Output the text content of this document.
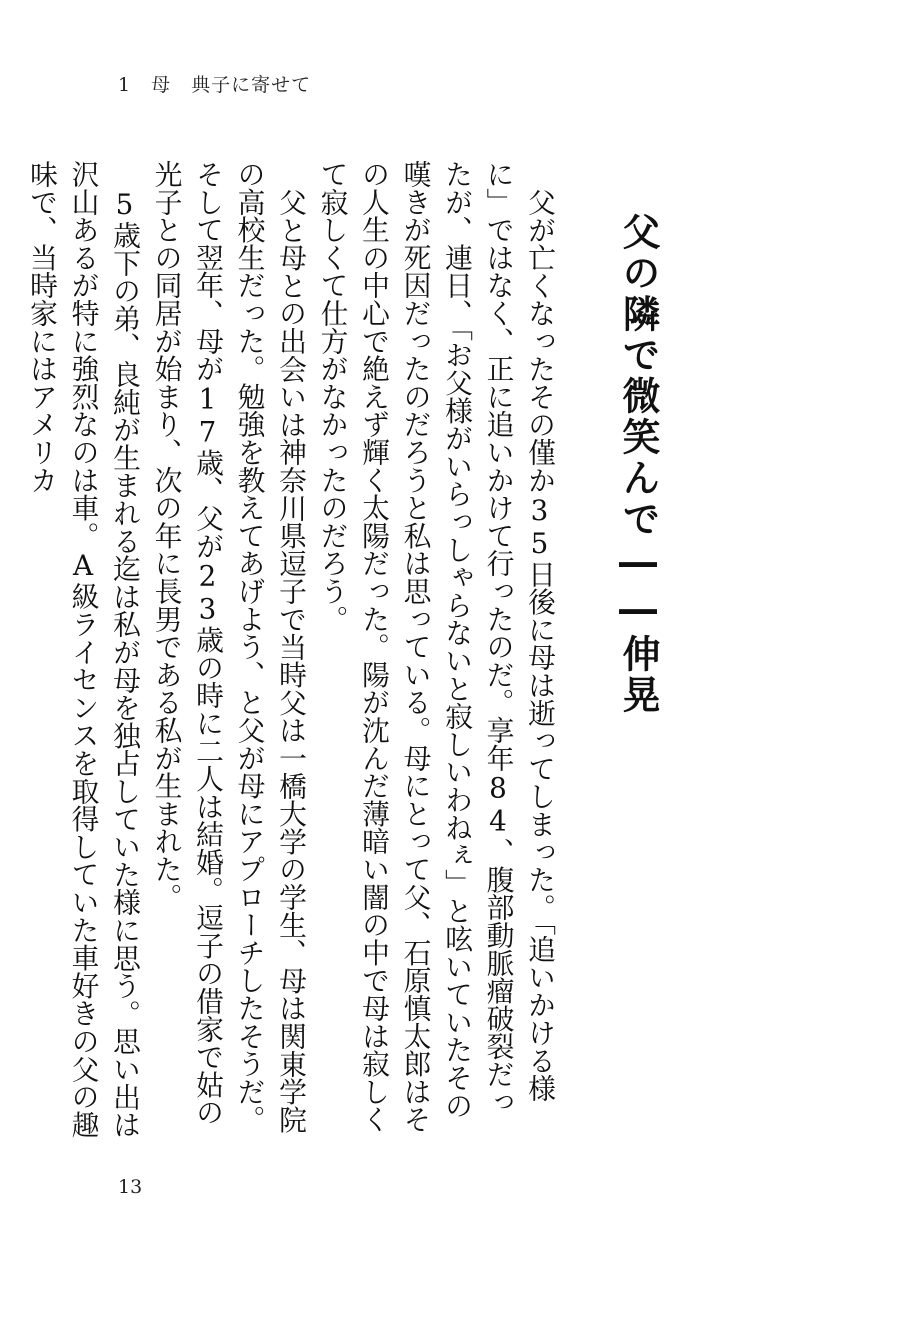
1　母　典子に寄せて
父の隣で微笑んで――伸晃

父が亡くなったその僅か35日後に母は逝ってしまった。「追いかける様に」ではなく、正に追いかけて行ったのだ。享年84、腹部動脈瘤破裂だったが、連日、「お父様がいらっしゃらないと寂しいわねぇ」と呟いていたその嘆きが死因だったのだろうと私は思っている。母にとって父、石原慎太郎はその人生の中心で絶えず輝く太陽だった。陽が沈んだ薄暗い闇の中で母は寂しくて寂しくて仕方がなかったのだろう。

父と母との出会いは神奈川県逗子で当時父は一橋大学の学生、母は関東学院の高校生だった。勉強を教えてあげよう、と父が母にアプローチしたそうだ。そして翌年、母が17歳、父が23歳の時に二人は結婚。逗子の借家で姑の光子との同居が始まり、次の年に長男である私が生まれた。

5歳下の弟、良純が生まれる迄は私が母を独占していた様に思う。思い出は沢山あるが特に強烈なのは車。A級ライセンスを取得していた車好きの父の趣味で、当時家にはアメリカ

13
